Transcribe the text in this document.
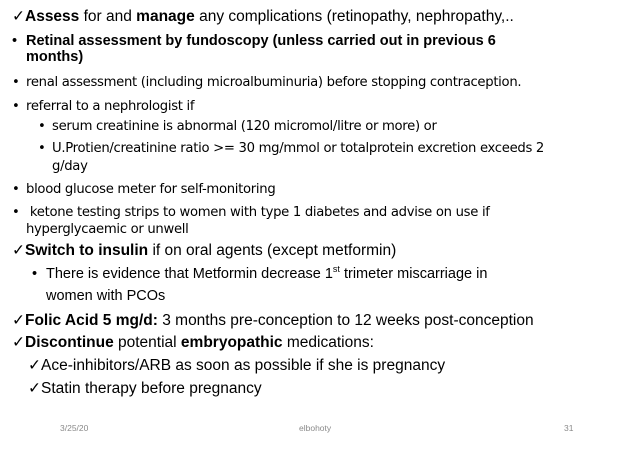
✓Assess for and manage any complications (retinopathy, nephropathy,..
• Retinal assessment by fundoscopy (unless carried out in previous 6
months)
• renal assessment (including microalbuminuria) before stopping contraception.
• referral to a nephrologist if
• serum creatinine is abnormal (120 micromol/litre or more) or
• U.Protien/creatinine ratio >= 30 mg/mmol or totalprotein excretion exceeds 2
g/day
• blood glucose meter for self-monitoring
• ketone testing strips to women with type 1 diabetes and advise on use if
hyperglycaemic or unwell
✓Switch to insulin if on oral agents (except metformin)
• There is evidence that Metformin decrease 1st trimeter miscarriage in
women with PCOs
✓Folic Acid 5 mg/d: 3 months pre-conception to 12 weeks post-conception
✓Discontinue potential embryopathic medications:
✓Ace-inhibitors/ARB as soon as possible if she is pregnancy
✓Statin therapy before pregnancy
3/25/20	elbohoty	31
